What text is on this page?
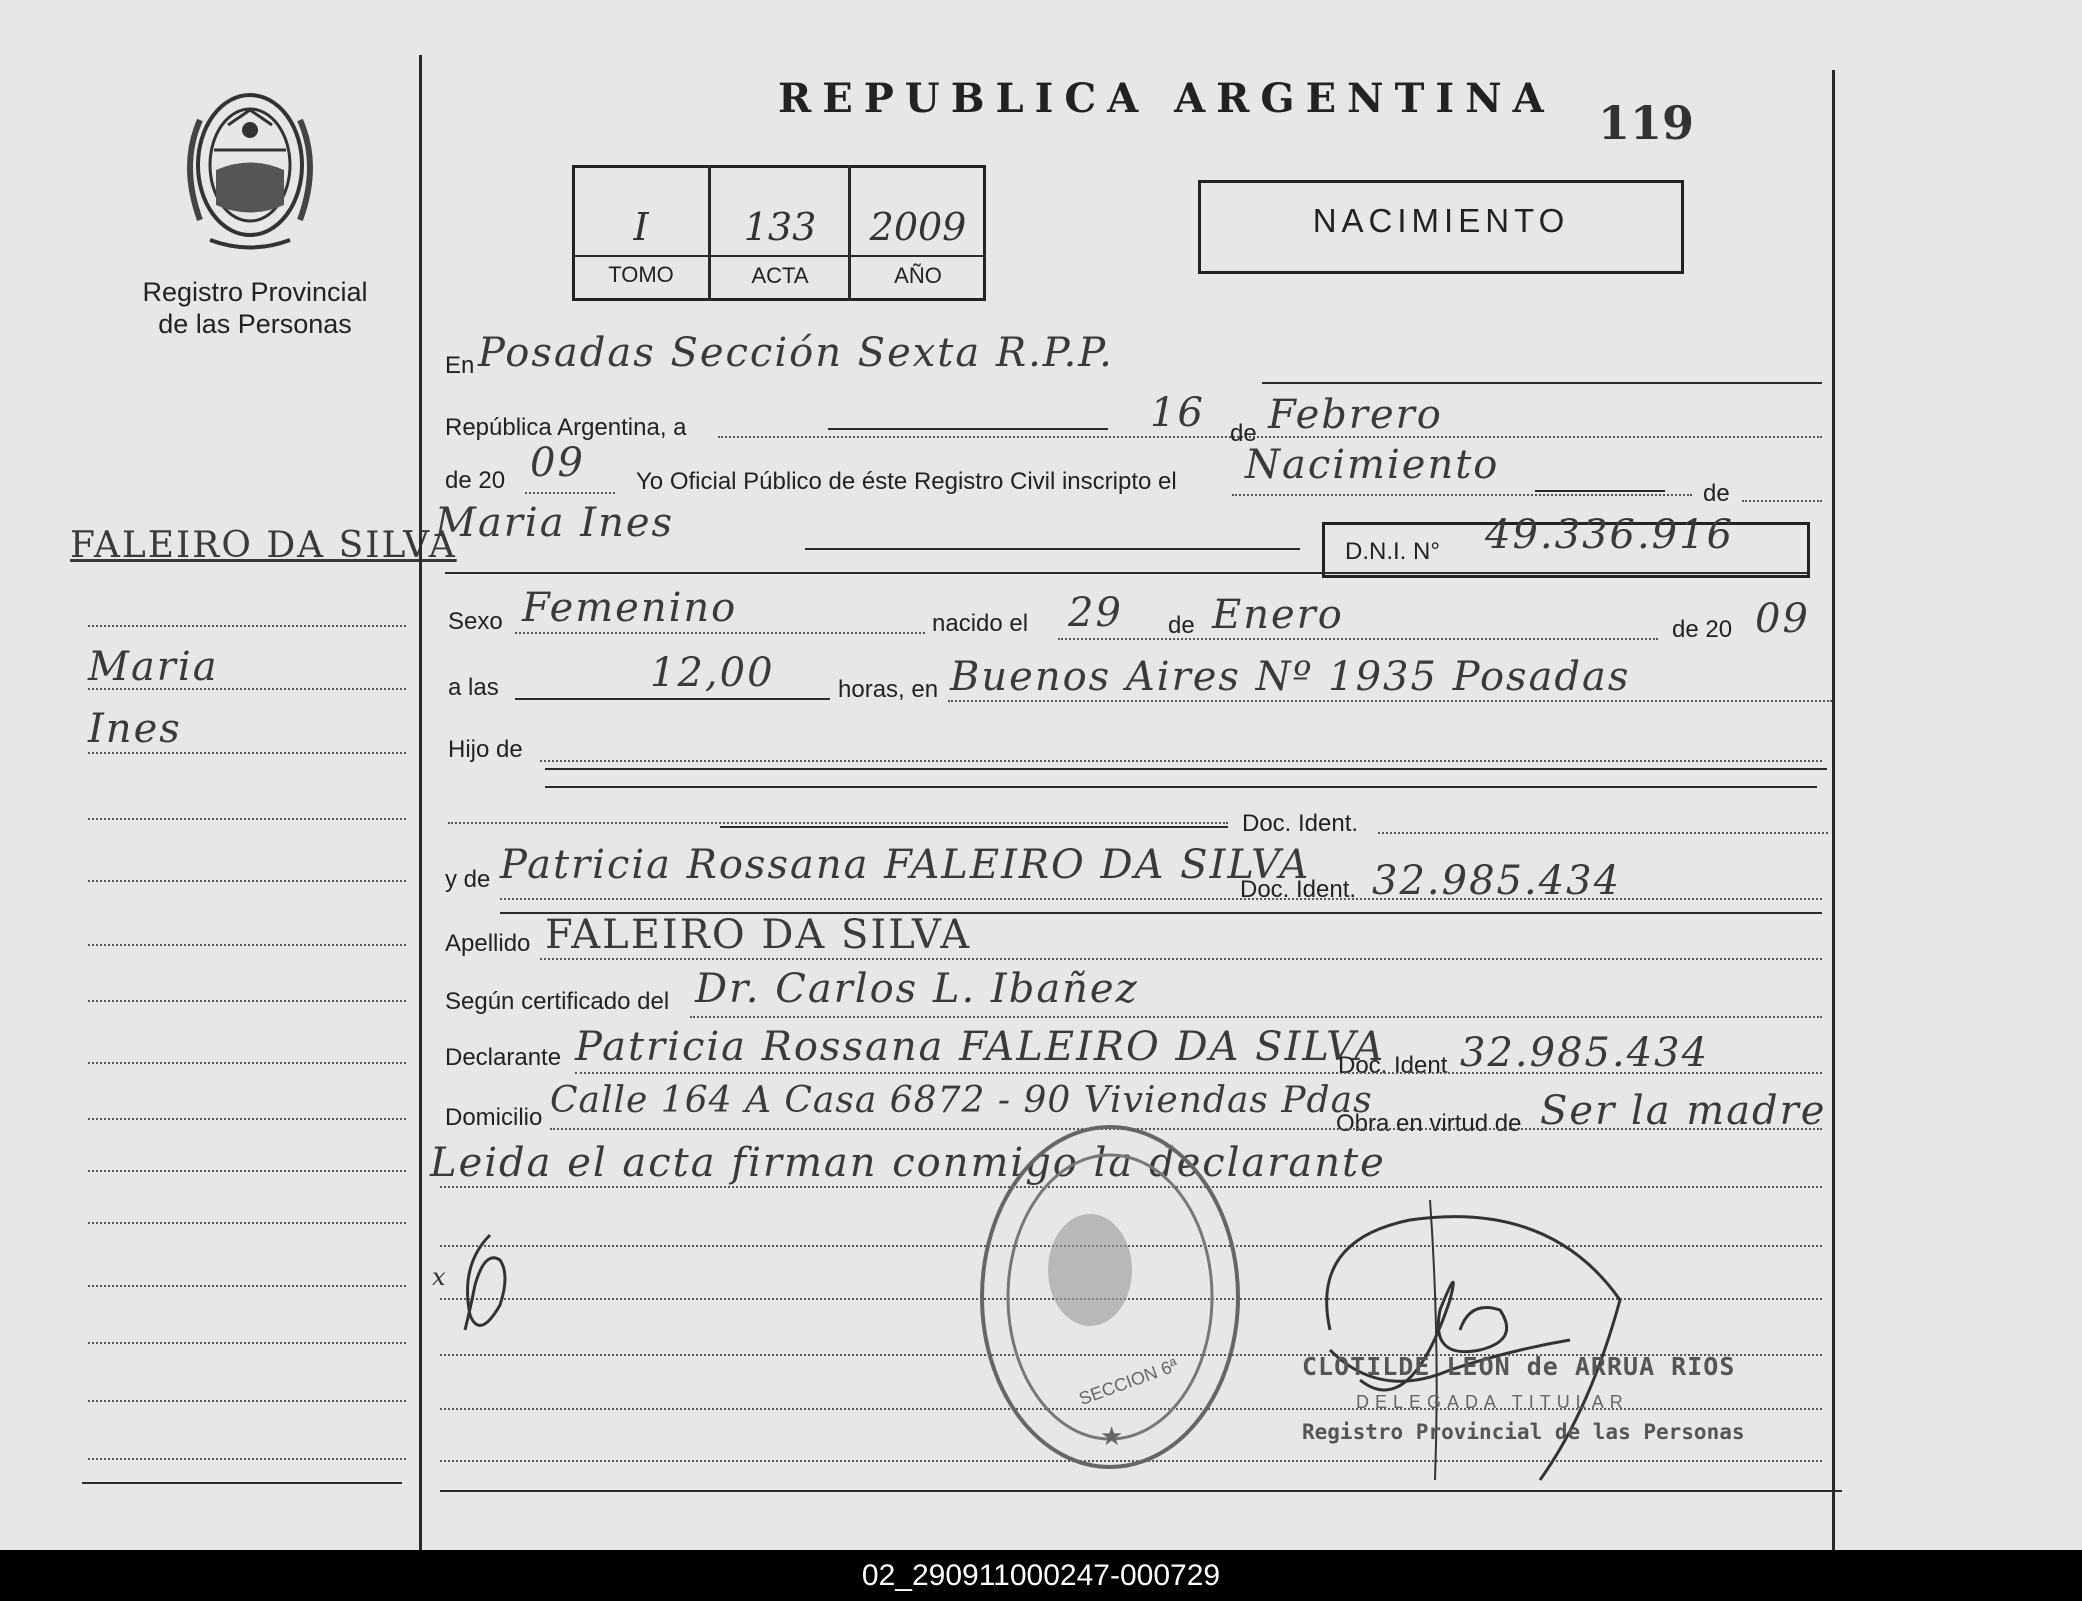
Registro Provincial
de las Personas
FALEIRO DA SILVA
Maria
Ines
REPUBLICA ARGENTINA 119
I	133	2009
TOMO	ACTA	AÑO
NACIMIENTO
En Posadas Sección Sexta R.P.P.
República Argentina, a	16 de Febrero
de 20 09 Yo Oficial Público de éste Registro Civil inscripto el Nacimiento
de
Maria Ines
D.N.I. N° 49.336.916
Sexo Femenino	nacido el 29 de Enero	de 20 09
a las	12,00	horas, en Buenos Aires Nº 1935 Posadas
Hijo de
Doc. Ident.
y de Patricia Rossana FALEIRO DA SILVA
Doc. Ident. 32.985.434
Apellido FALEIRO DA SILVA
Según certificado del Dr. Carlos L. Ibañez
Declarante Patricia Rossana FALEIRO DA SILVA
Doc. Ident 32.985.434
Domicilio Calle 164 A Casa 6872 - 90 Viviendas Pdas
Obra en virtud de Ser la madre
Leida el acta firman conmigo la declarante
x
SECCION 6ª
★
CLOTILDE LEON de ARRUA RIOS
DELEGADA TITULAR
Registro Provincial de las Personas
02_290911000247-000729
